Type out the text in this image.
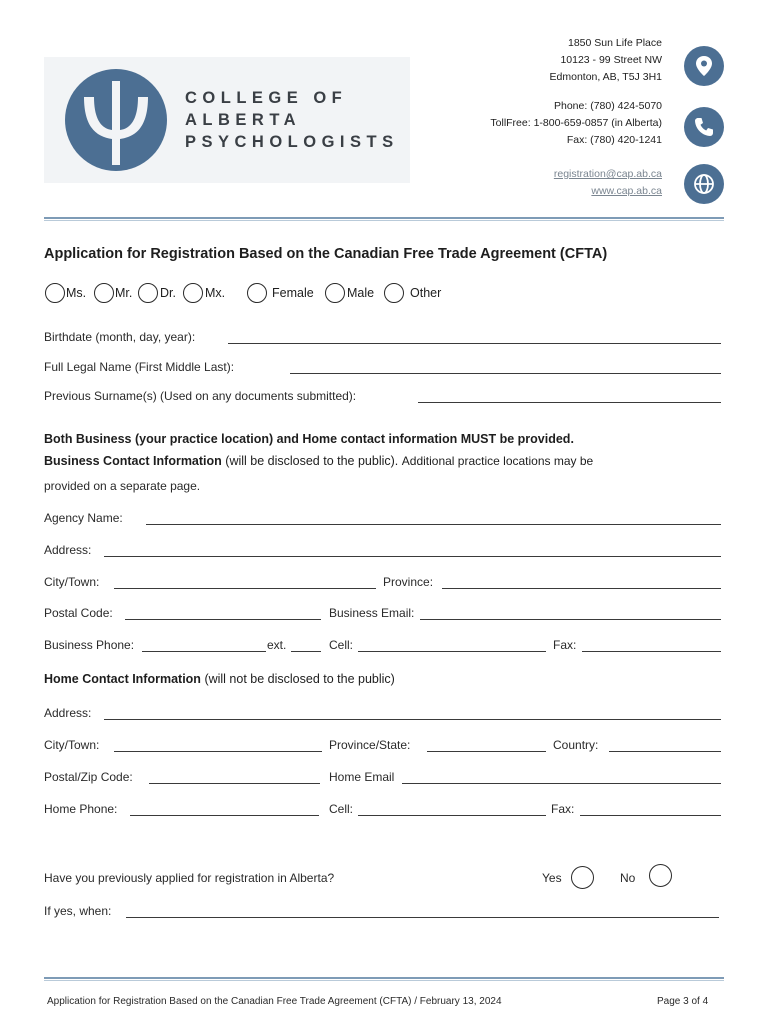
COLLEGE OF
ALBERTA
PSYCHOLOGISTS
1850 Sun Life Place
10123 - 99 Street NW
Edmonton, AB, T5J 3H1
Phone: (780) 424-5070
TollFree: 1-800-659-0857 (in Alberta)
Fax: (780) 420-1241
registration@cap.ab.ca
www.cap.ab.ca
Application for Registration Based on the Canadian Free Trade Agreement (CFTA)
Ms. Mr. Dr. Mx.	Female	Male	Other
Birthdate (month, day, year):
Full Legal Name (First Middle Last):
Previous Surname(s) (Used on any documents submitted):
Both Business (your practice location) and Home contact information MUST be provided.
Business Contact Information (will be disclosed to the public). Additional practice locations may be
provided on a separate page.
Agency Name:
Address:
City/Town:	Province:
Postal Code:	Business Email:
Business Phone:	ext.	Cell:	Fax:
Home Contact Information (will not be disclosed to the public)
Address:
City/Town:	Province/State:	Country:
Postal/Zip Code:	Home Email
Home Phone:	Cell:	Fax:
Have you previously applied for registration in Alberta?	Yes	No
If yes, when:
Application for Registration Based on the Canadian Free Trade Agreement (CFTA) / February 13, 2024	Page 3 of 4
